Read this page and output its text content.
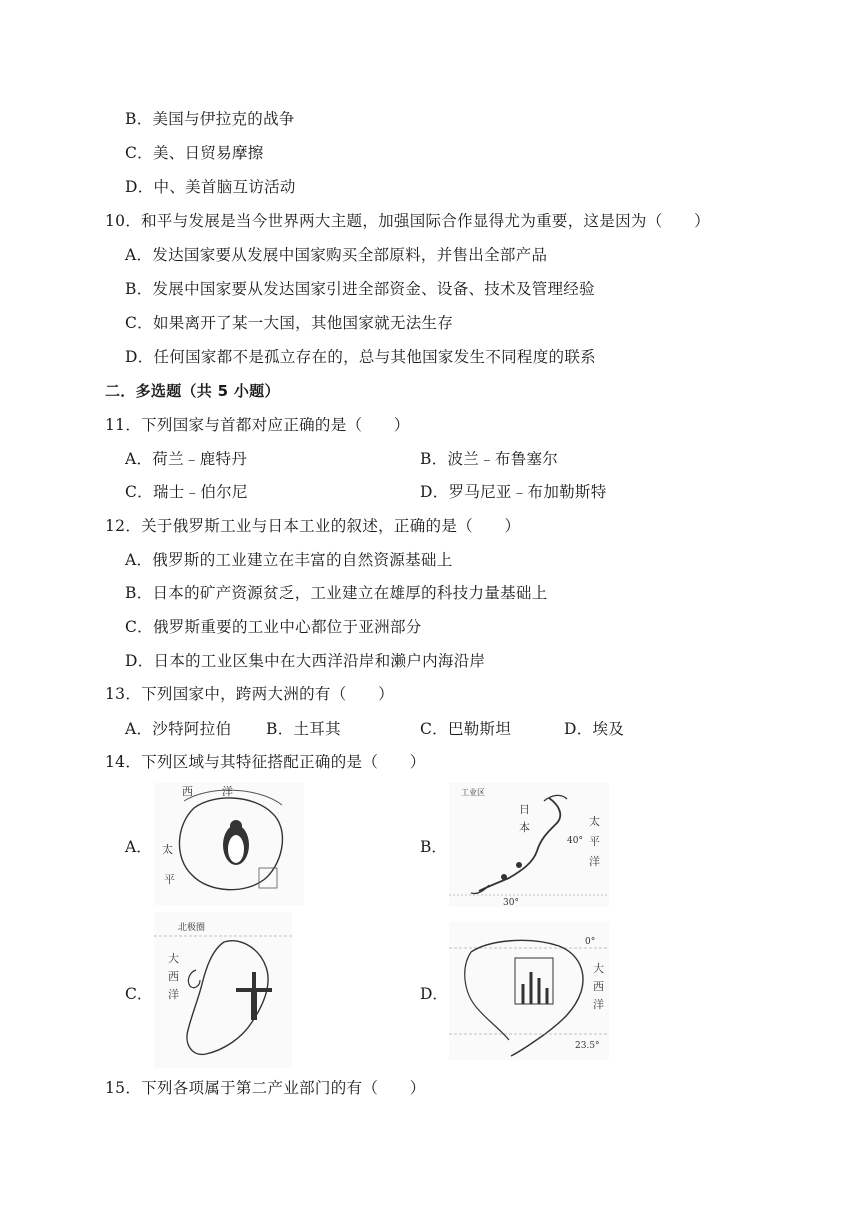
B．美国与伊拉克的战争
C．美、日贸易摩擦
D．中、美首脑互访活动
10．和平与发展是当今世界两大主题，加强国际合作显得尤为重要，这是因为（　　）
A．发达国家要从发展中国家购买全部原料，并售出全部产品
B．发展中国家要从发达国家引进全部资金、设备、技术及管理经验
C．如果离开了某一大国，其他国家就无法生存
D．任何国家都不是孤立存在的，总与其他国家发生不同程度的联系
二．多选题（共 5 小题）
11．下列国家与首都对应正确的是（　　）
A．荷兰﹣鹿特丹	B．波兰﹣布鲁塞尔
C．瑞士﹣伯尔尼	D．罗马尼亚﹣布加勒斯特
12．关于俄罗斯工业与日本工业的叙述，正确的是（　　）
A．俄罗斯的工业建立在丰富的自然资源基础上
B．日本的矿产资源贫乏，工业建立在雄厚的科技力量基础上
C．俄罗斯重要的工业中心都位于亚洲部分
D．日本的工业区集中在大西洋沿岸和濑户内海沿岸
13．下列国家中，跨两大洲的有（　　）
A．沙特阿拉伯 B．土耳其	C．巴勒斯坦	D．埃及
14．下列区域与其特征搭配正确的是（　　）
A．
西	洋
太
平
B．
工业区
日
本	太
平
洋
40°
30°
C．
北极圈
大
西
洋	D．
0°
大
西
洋
23.5°
15．下列各项属于第二产业部门的有（　　）
